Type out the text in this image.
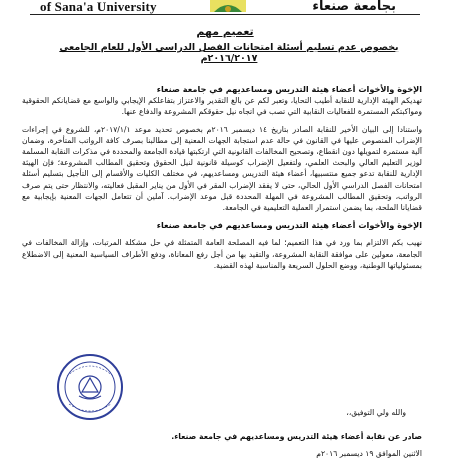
of Sana'a University	بجامعة صنعاء
تعميم مهم
بخصوص عدم تسليم أسئلة امتحانات الفصل الدراسي الأول للعام الجامعي ٢٠١٦/٢٠١٧م

الإخوة والأخوات أعضاء هيئة التدريس ومساعديهم في جامعة صنعاء

تهديكم الهيئة الإدارية للنقابة أطيب التحايا، وتعبر لكم عن بالغ التقدير والاعتزاز بتفاعلكم الإيجابي والواسع مع قضايانكم الحقوقية ومواكبتكم المستمرة للفعاليات النقابية التي تصب في اتجاه نيل حقوقكم المشروعة والدفاع عنها.

واستنادا إلى البيان الأخير للنقابة الصادر بتاريخ ١٤ ديسمبر ٢٠١٦م بخصوص تحديد موعد ٢٠١٧/١/١م، للشروع في إجراءات الإضراب المنصوص عليها في القانون في حالة عدم استجابة الجهات المعنية إلى مطالبنا بصرف كافة الرواتب المتأخرة، وضمان آلية مستمرة لتمويلها دون انقطاع، وتصحيح المخالفات القانونية التي ارتكبتها قيادة الجامعة والمحددة في مذكرات النقابة المسلمة لوزير التعليم العالي والبحث العلمي، ولتفعيل الإضراب كوسيلة قانونية لنيل الحقوق وتحقيق المطالب المشروعة؛ فإن الهيئة الإدارية للنقابة تدعو جميع منتسبيها، أعضاء هيئة التدريس ومساعديهم، في مختلف الكليات والأقسام إلى التأجيل بتسليم أسئلة امتحانات الفصل الدراسي الأول الحالي، حتى لا يفقد الإضراب المقر في الأول من يناير المقبل فعاليته، والانتظار حتى يتم صرف الرواتب، وتحقيق المطالب المشروعة في المهلة المحددة قبل موعد الإضراب. آملين أن تتعامل الجهات المعنية بإيجابية مع قضايانا الملحة، بما يضمن استمرار العملية التعليمية في الجامعة.

الإخوة والأخوات أعضاء هيئة التدريس ومساعديهم في جامعة صنعاء

نهيب بكم الالتزام بما ورد في هذا التعميم؛ لما فيه المصلحة العامة المتمثلة في حل مشكلة المرتبات، وإزالة المخالفات في الجامعة، معولين على موافقة النقابة المشروعة، والتقيد بها من أجل رفع المعاناة، ودفع الأطراف السياسية المعنية إلى الاضطلاع بمسئولياتها الوطنية، ووضع الحلول السريعة والمناسبة لهذه القضية.

والله ولي التوفيق،،
صادر عن نقابة أعضاء هيئة التدريس ومساعديهم في جامعة صنعاء.
الاثنين الموافق ١٩ ديسمبر ٢٠١٦م
